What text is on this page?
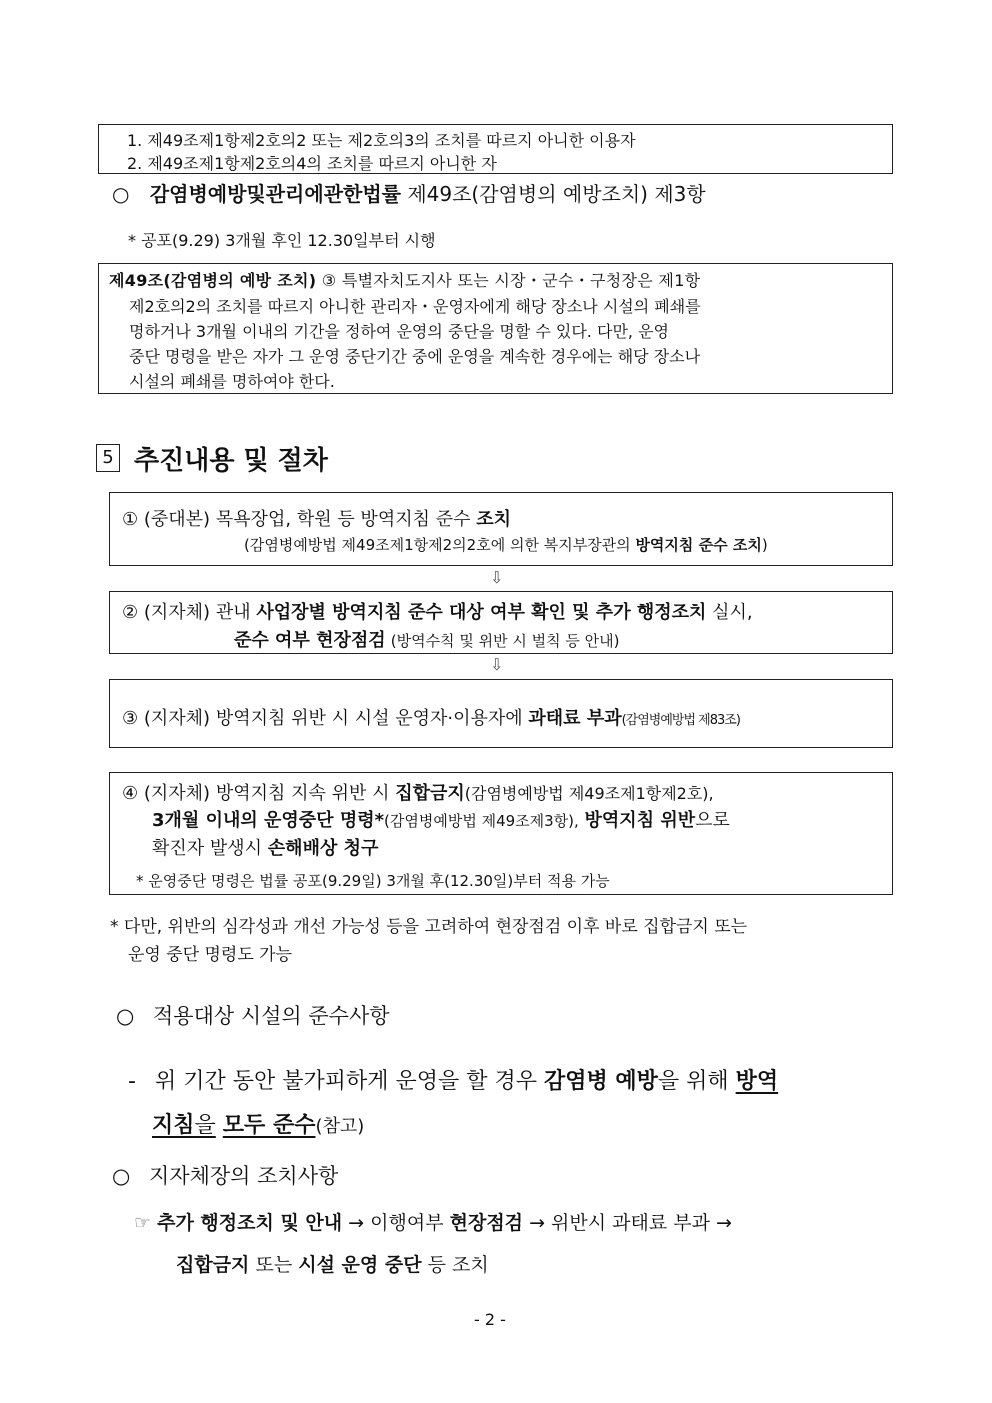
1. 제49조제1항제2호의2 또는 제2호의3의 조치를 따르지 아니한 이용자
2. 제49조제1항제2호의4의 조치를 따르지 아니한 자
○ 감염병예방및관리에관한법률 제49조(감염병의 예방조치) 제3항
* 공포(9.29) 3개월 후인 12.30일부터 시행
제49조(감염병의 예방 조치) ③ 특별자치도지사 또는 시장・군수・구청장은 제1항
제2호의2의 조치를 따르지 아니한 관리자・운영자에게 해당 장소나 시설의 폐쇄를
명하거나 3개월 이내의 기간을 정하여 운영의 중단을 명할 수 있다. 다만, 운영
중단 명령을 받은 자가 그 운영 중단기간 중에 운영을 계속한 경우에는 해당 장소나
시설의 폐쇄를 명하여야 한다.
5 추진내용 및 절차
① (중대본) 목욕장업, 학원 등 방역지침 준수 조치
(감염병예방법 제49조제1항제2의2호에 의한 복지부장관의 방역지침 준수 조치)
⇩
② (지자체) 관내 사업장별 방역지침 준수 대상 여부 확인 및 추가 행정조치 실시,
준수 여부 현장점검 (방역수칙 및 위반 시 벌칙 등 안내)
⇩
③ (지자체) 방역지침 위반 시 시설 운영자·이용자에 과태료 부과(감염병예방법 제83조)
④ (지자체) 방역지침 지속 위반 시 집합금지(감염병예방법 제49조제1항제2호),
3개월 이내의 운영중단 명령*(감염병예방법 제49조제3항), 방역지침 위반으로
확진자 발생시 손해배상 청구
* 운영중단 명령은 법률 공포(9.29일) 3개월 후(12.30일)부터 적용 가능
* 다만, 위반의 심각성과 개선 가능성 등을 고려하여 현장점검 이후 바로 집합금지 또는
운영 중단 명령도 가능
○ 적용대상 시설의 준수사항
- 위 기간 동안 불가피하게 운영을 할 경우 감염병 예방을 위해 방역
지침을 모두 준수(참고)
○ 지자체장의 조치사항
☞ 추가 행정조치 및 안내 → 이행여부 현장점검 → 위반시 과태료 부과 →
집합금지 또는 시설 운영 중단 등 조치
- 2 -
